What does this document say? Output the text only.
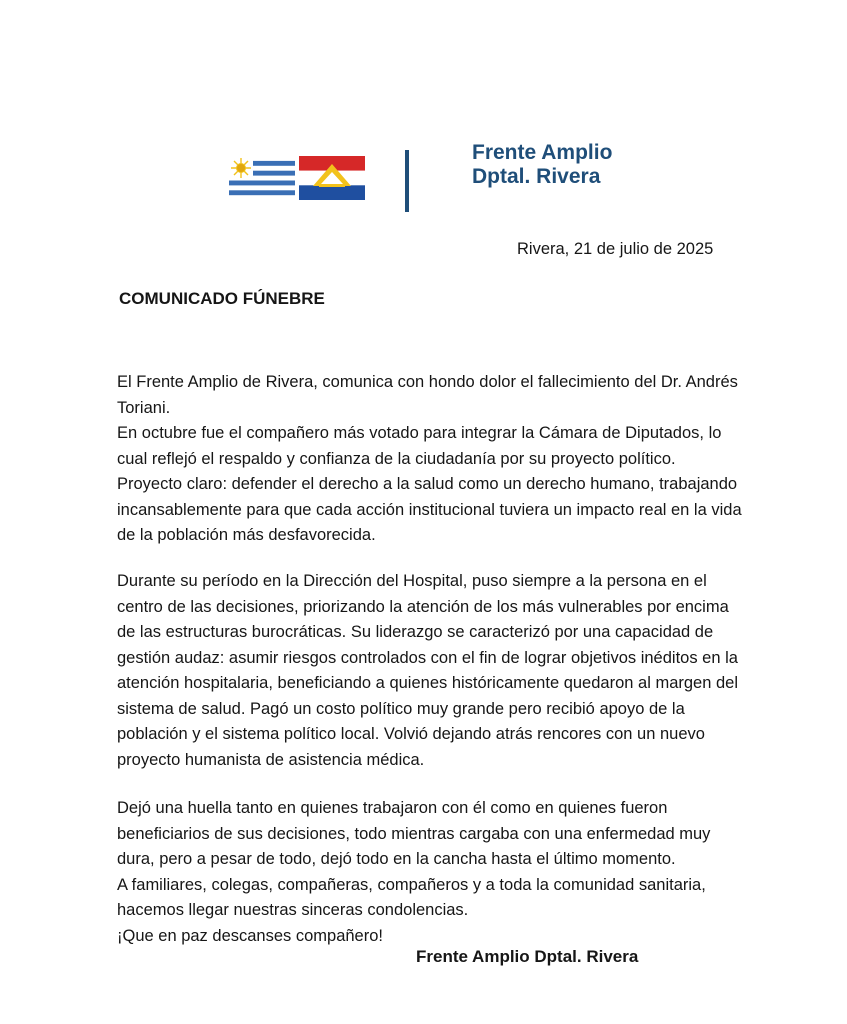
Frente Amplio
Dptal. Rivera
Rivera, 21 de julio de 2025
COMUNICADO FÚNEBRE
El Frente Amplio de Rivera, comunica con hondo dolor el fallecimiento del Dr. Andrés
Toriani.
En octubre fue el compañero más votado para integrar la Cámara de Diputados, lo
cual reflejó el respaldo y confianza de la ciudadanía por su proyecto político.
Proyecto claro: defender el derecho a la salud como un derecho humano, trabajando
incansablemente para que cada acción institucional tuviera un impacto real en la vida
de la población más desfavorecida.
Durante su período en la Dirección del Hospital, puso siempre a la persona en el
centro de las decisiones, priorizando la atención de los más vulnerables por encima
de las estructuras burocráticas. Su liderazgo se caracterizó por una capacidad de
gestión audaz: asumir riesgos controlados con el fin de lograr objetivos inéditos en la
atención hospitalaria, beneficiando a quienes históricamente quedaron al margen del
sistema de salud. Pagó un costo político muy grande pero recibió apoyo de la
población y el sistema político local. Volvió dejando atrás rencores con un nuevo
proyecto humanista de asistencia médica.
Dejó una huella tanto en quienes trabajaron con él como en quienes fueron
beneficiarios de sus decisiones, todo mientras cargaba con una enfermedad muy
dura, pero a pesar de todo, dejó todo en la cancha hasta el último momento.
A familiares, colegas, compañeras, compañeros y a toda la comunidad sanitaria,
hacemos llegar nuestras sinceras condolencias.
¡Que en paz descanses compañero!
Frente Amplio Dptal. Rivera
